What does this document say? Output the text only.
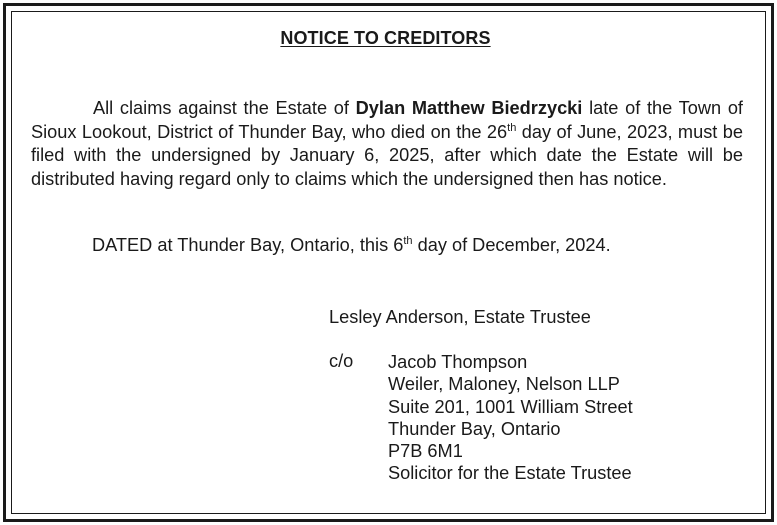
NOTICE TO CREDITORS

All claims against the Estate of Dylan Matthew Biedrzycki late of the Town of Sioux Lookout, District of Thunder Bay, who died on the 26th day of June, 2023, must be filed with the undersigned by January 6, 2025, after which date the Estate will be distributed having regard only to claims which the undersigned then has notice.

DATED at Thunder Bay, Ontario, this 6th day of December, 2024.

Lesley Anderson, Estate Trustee

c/o Jacob Thompson
Weiler, Maloney, Nelson LLP
Suite 201, 1001 William Street
Thunder Bay, Ontario
P7B 6M1
Solicitor for the Estate Trustee
